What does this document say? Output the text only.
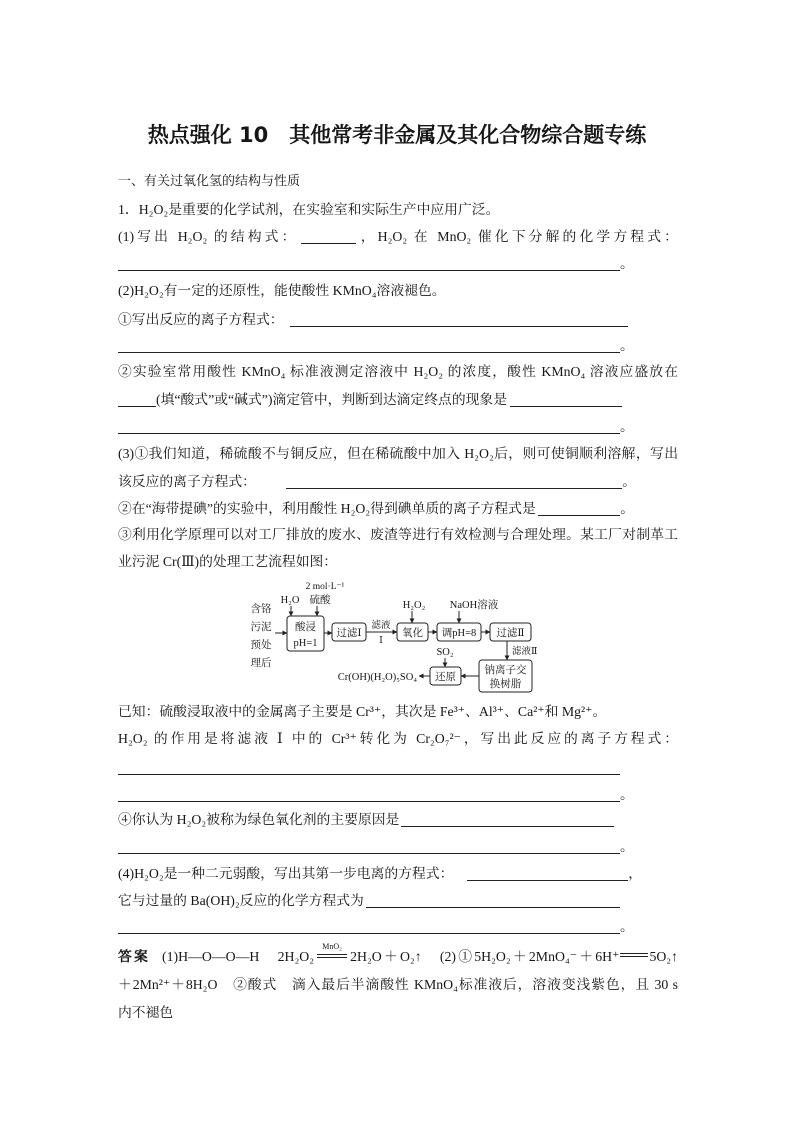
热点强化 10　其他常考非金属及其化合物综合题专练
一、有关过氧化氢的结构与性质
1．H₂O₂是重要的化学试剂，在实验室和实际生产中应用广泛。
(1)写出 H₂O₂ 的结构式：	，H₂O₂ 在 MnO₂ 催化下分解的化学方程式：
。
(2)H₂O₂有一定的还原性，能使酸性 KMnO₄溶液褪色。
①写出反应的离子方程式：
。
②实验室常用酸性 KMnO₄ 标准液测定溶液中 H₂O₂ 的浓度，酸性 KMnO₄ 溶液应盛放在
(填“酸式”或“碱式”)滴定管中，判断到达滴定终点的现象是
。
(3)①我们知道，稀硫酸不与铜反应，但在稀硫酸中加入 H₂O₂后，则可使铜顺利溶解，写出
该反应的离子方程式：	。
②在“海带提碘”的实验中，利用酸性 H₂O₂得到碘单质的离子方程式是	。
③利用化学原理可以对工厂排放的废水、废渣等进行有效检测与合理处理。某工厂对制革工
业污泥 Cr(Ⅲ)的处理工艺流程如图：
2 mol·L⁻¹
H₂O 硫酸
含铬
污泥
预处
理后
酸浸
pH=1
过滤Ⅰ
滤液
Ⅰ
H₂O₂
氧化
NaOH溶液
调pH=8 过滤Ⅱ
滤液Ⅱ
钠离子交
换树脂
SO₂
还原
Cr(OH)(H₂O)₅SO₄
已知：硫酸浸取液中的金属离子主要是 Cr³⁺，其次是 Fe³⁺、Al³⁺、Ca²⁺和 Mg²⁺。
H₂O₂ 的作用是将滤液 Ⅰ 中的 Cr³⁺转化为 Cr₂O₇²⁻，写出此反应的离子方程式：
。
④你认为 H₂O₂被称为绿色氧化剂的主要原因是
。
(4)H₂O₂是一种二元弱酸，写出其第一步电离的方程式：	，
它与过量的 Ba(OH)₂反应的化学方程式为
。
答案 (1)H—O—O—H　2H₂O₂
MnO₂
2H₂O＋O₂↑　(2)①5H₂O₂＋2MnO₄⁻＋6H⁺ 5O₂↑
＋2Mn²⁺＋8H₂O　②酸式　滴入最后半滴酸性 KMnO₄标准液后，溶液变浅紫色，且 30 s
内不褪色
